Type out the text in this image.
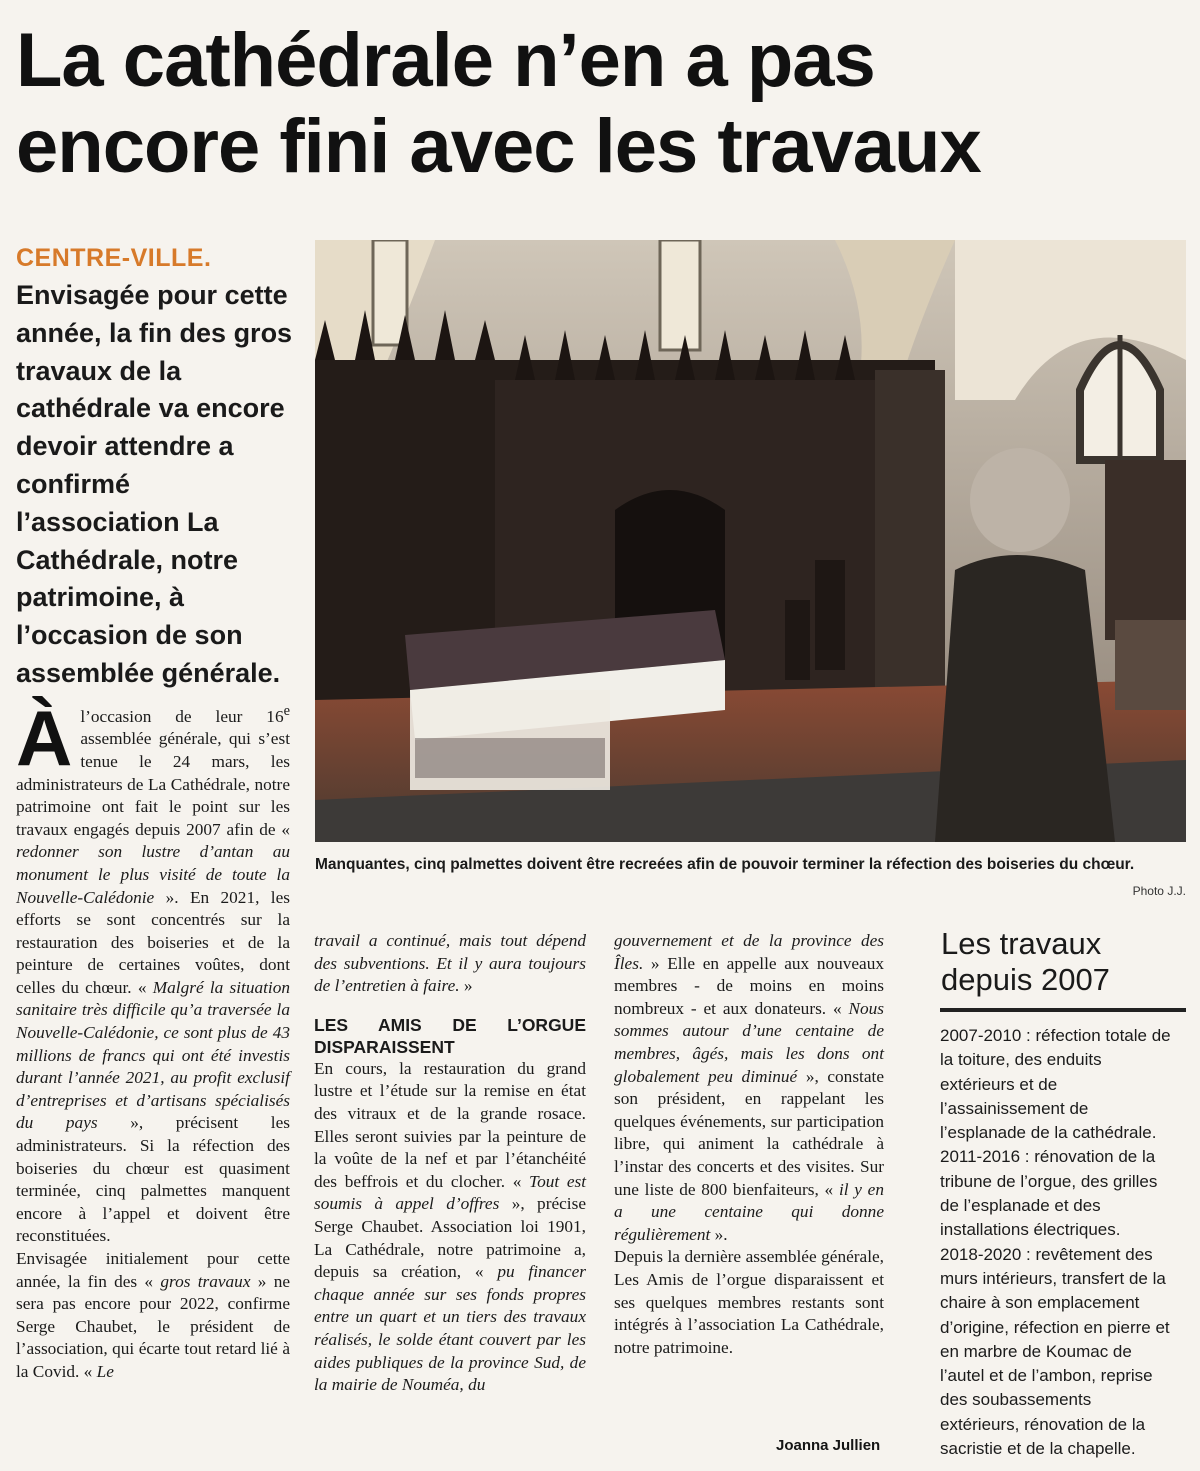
La cathédrale n’en a pas
encore fini avec les travaux
CENTRE-VILLE.
Envisagée pour cette année, la fin des gros travaux de la cathédrale va encore devoir attendre a confirmé l’association La Cathédrale, notre patrimoine, à l’occasion de son assemblée générale.
Manquantes, cinq palmettes doivent être recreées afin de pouvoir terminer la réfection des boiseries du chœur.
Photo J.J.

Àl’occasion de leur 16e assemblée générale, qui s’est tenue le 24 mars, les administrateurs de La Cathédrale, notre patrimoine ont fait le point sur les travaux engagés depuis 2007 afin de « redonner son lustre d’antan au monument le plus visité de toute la Nouvelle-Calédonie ». En 2021, les efforts se sont concentrés sur la restauration des boiseries et de la peinture de certaines voûtes, dont celles du chœur. « Malgré la situation sanitaire très difficile qu’a traversée la Nouvelle-Calédonie, ce sont plus de 43 millions de francs qui ont été investis durant l’année 2021, au profit exclusif d’entreprises et d’artisans spécialisés du pays », précisent les administrateurs. Si la réfection des boiseries du chœur est quasiment terminée, cinq palmettes manquent encore à l’appel et doivent être reconstituées.

Envisagée initialement pour cette année, la fin des « gros travaux » ne sera pas encore pour 2022, confirme Serge Chaubet, le président de l’association, qui écarte tout retard lié à la Covid. « Le

travail a continué, mais tout dépend des subventions. Et il y aura toujours de l’entretien à faire. »

LES AMIS DE L’ORGUE DISPARAISSENT

En cours, la restauration du grand lustre et l’étude sur la remise en état des vitraux et de la grande rosace. Elles seront suivies par la peinture de la voûte de la nef et par l’étanchéité des beffrois et du clocher. « Tout est soumis à appel d’offres », précise Serge Chaubet. Association loi 1901, La Cathédrale, notre patrimoine a, depuis sa création, « pu financer chaque année sur ses fonds propres entre un quart et un tiers des travaux réalisés, le solde étant couvert par les aides publiques de la province Sud, de la mairie de Nouméa, du

gouvernement et de la province des Îles. » Elle en appelle aux nouveaux membres - de moins en moins nombreux - et aux donateurs. « Nous sommes autour d’une centaine de membres, âgés, mais les dons ont globalement peu diminué », constate son président, en rappelant les quelques événements, sur participation libre, qui animent la cathédrale à l’instar des concerts et des visites. Sur une liste de 800 bienfaiteurs, « il y en a une centaine qui donne régulièrement ».

Depuis la dernière assemblée générale, Les Amis de l’orgue disparaissent et ses quelques membres restants sont intégrés à l’association La Cathédrale, notre patrimoine.

Joanna Jullien
Les travaux
depuis 2007

2007-2010 : réfection totale de la toiture, des enduits extérieurs et de l’assainissement de l’esplanade de la cathédrale.

2011-2016 : rénovation de la tribune de l’orgue, des grilles de l’esplanade et des installations électriques.

2018-2020 : revêtement des murs intérieurs, transfert de la chaire à son emplacement d’origine, réfection en pierre et en marbre de Koumac de l’autel et de l’ambon, reprise des soubassements extérieurs, rénovation de la sacristie et de la chapelle.
